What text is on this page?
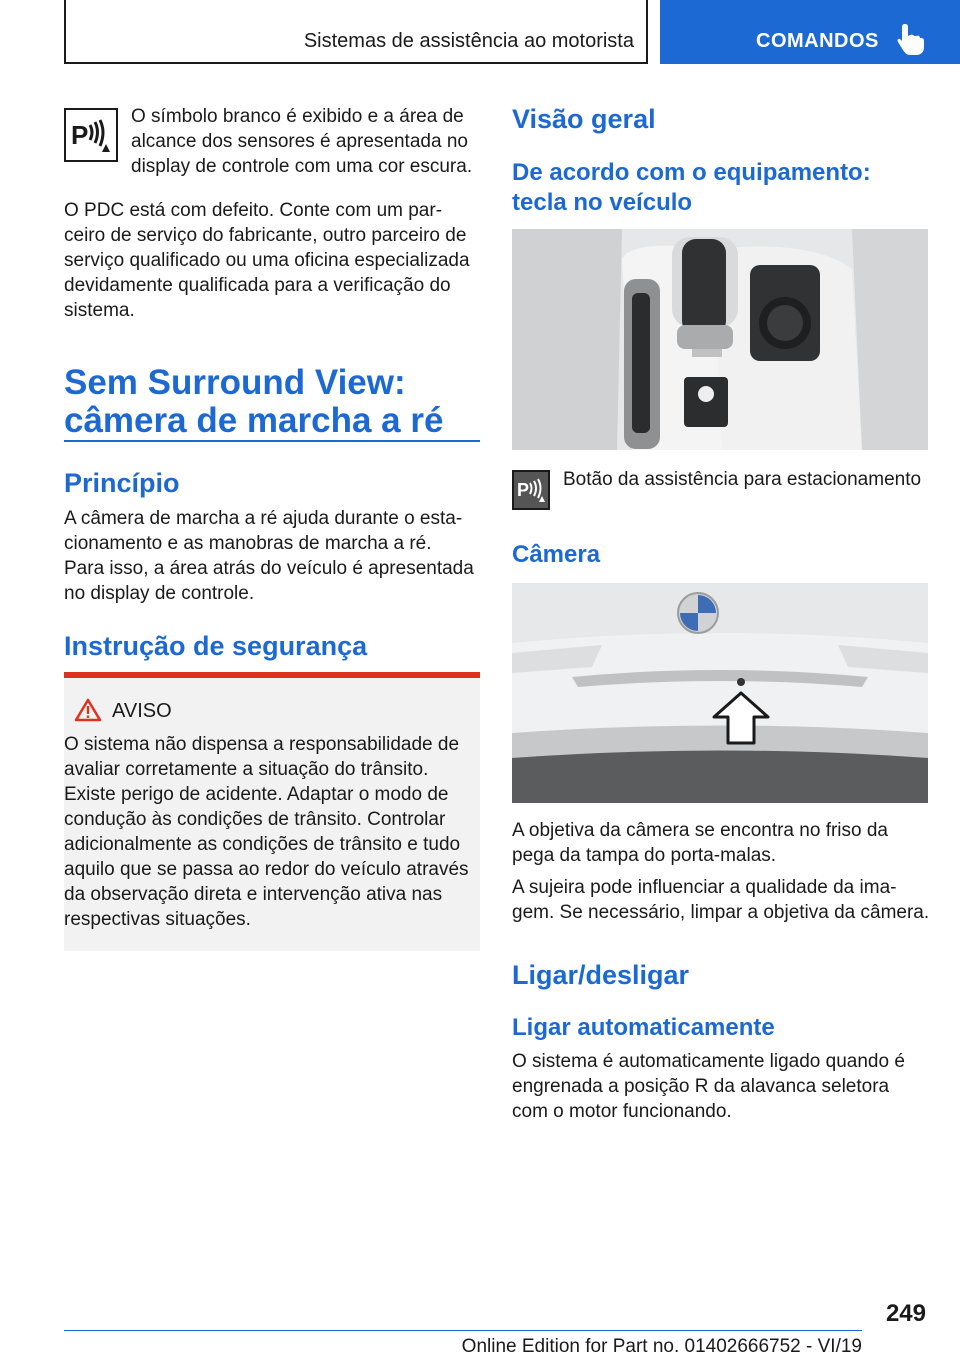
Sistemas de assistência ao motorista	COMANDOS
P

O símbolo branco é exibido e a área de alcance dos sensores é apresentada no display de controle com uma cor escura.

O PDC está com defeito. Conte com um parceiro de serviço do fabricante, outro parceiro de serviço qualificado ou uma oficina especializada devidamente qualificada para a verificação do sistema.

Sem Surround View:
câmera de marcha a ré
Princípio

A câmera de marcha a ré ajuda durante o estacionamento e as manobras de marcha a ré. Para isso, a área atrás do veículo é apresentada no display de controle.

Instrução de segurança
AVISO

O sistema não dispensa a responsabilidade de avaliar corretamente a situação do trânsito. Existe perigo de acidente. Adaptar o modo de condução às condições de trânsito. Controlar adicionalmente as condições de trânsito e tudo aquilo que se passa ao redor do veículo através da observação direta e intervenção ativa nas respectivas situações.

Visão geral
De acordo com o equipamento: tecla no veículo
P Botão da assistência para estacionamento

Câmera

A objetiva da câmera se encontra no friso da pega da tampa do porta-malas.

A sujeira pode influenciar a qualidade da imagem. Se necessário, limpar a objetiva da câmera.

Ligar/desligar
Ligar automaticamente

O sistema é automaticamente ligado quando é engrenada a posição R da alavanca seletora com o motor funcionando.

249
Online Edition for Part no. 01402666752 - VI/19
